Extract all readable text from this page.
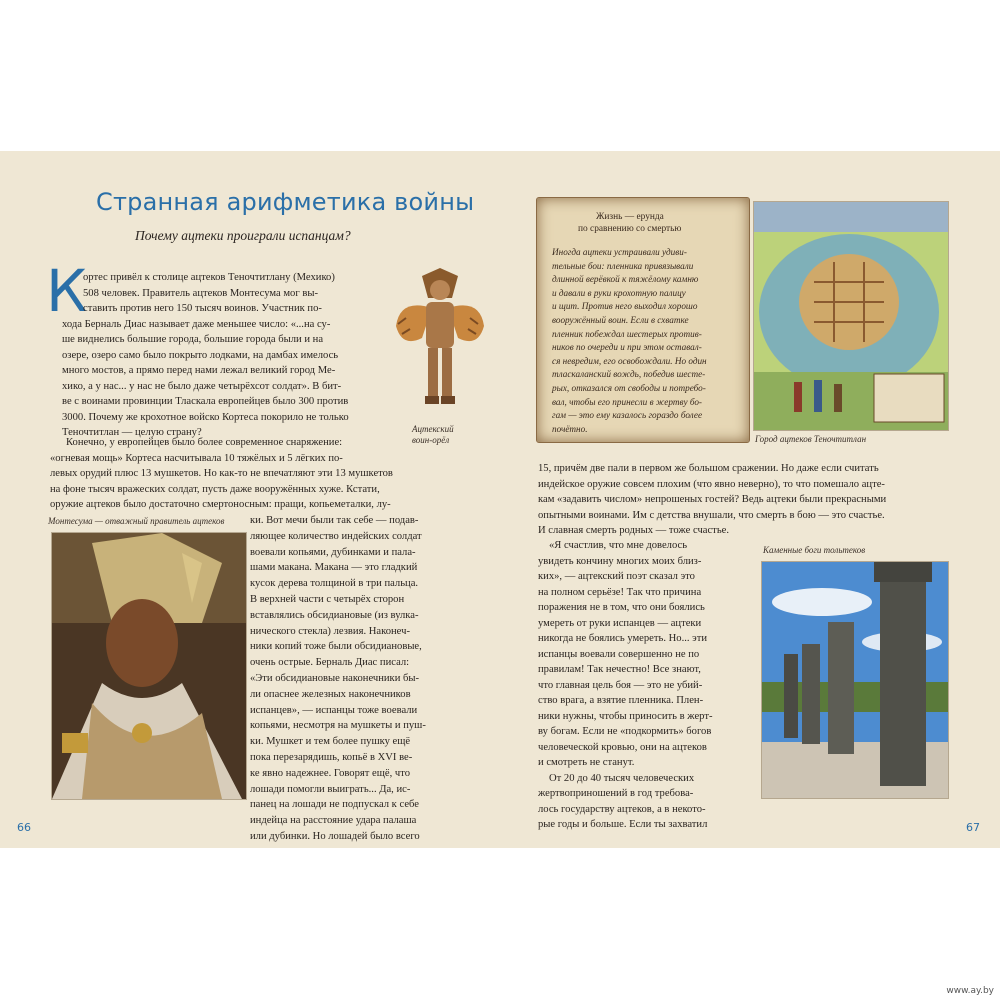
Странная арифметика войны
Почему ацтеки проиграли испанцам?
К
ортес привёл к столице ацтеков Теночтитлану (Мехико)
508 человек. Правитель ацтеков Монтесума мог вы-
ставить против него 150 тысяч воинов. Участник по-
хода Берналь Диас называет даже меньшее число: «...на су-
ше виднелись большие города, большие города были и на
озере, озеро само было покрыто лодками, на дамбах имелось
много мостов, а прямо перед нами лежал великий город Ме-
хико, а у нас... у нас не было даже четырёхсот солдат». В бит-
ве с воинами провинции Тласкала европейцев было 300 против
3000. Почему же крохотное войско Кортеса покорило не только
Теночтитлан — целую страну?
Конечно, у европейцев было более современное снаряжение:
«огневая мощь» Кортеса насчитывала 10 тяжёлых и 5 лёгких по-
левых орудий плюс 13 мушкетов. Но как-то не впечатляют эти 13 мушкетов
на фоне тысяч вражеских солдат, пусть даже вооружённых хуже. Кстати,
оружие ацтеков было достаточно смертоносным: пращи, копьеметалки, лу-
ки. Вот мечи были так себе — подав-
ляющее количество индейских солдат
воевали копьями, дубинками и пала-
шами макана. Макана — это гладкий
кусок дерева толщиной в три пальца.
В верхней части с четырёх сторон
вставлялись обсидиановые (из вулка-
нического стекла) лезвия. Наконеч-
ники копий тоже были обсидиановые,
очень острые. Берналь Диас писал:
«Эти обсидиановые наконечники бы-
ли опаснее железных наконечников
испанцев», — испанцы тоже воевали
копьями, несмотря на мушкеты и пуш-
ки. Мушкет и тем более пушку ещё
пока перезарядишь, копьё в XVI ве-
ке явно надежнее. Говорят ещё, что
лошади помогли выиграть... Да, ис-
панец на лошади не подпускал к себе
индейца на расстояние удара палаша
или дубинки. Но лошадей было всего
Ацтекский
воин-орёл
Монтесума — отважный правитель ацтеков
Жизнь — ерунда
по сравнению со смертью
Иногда ацтеки устраивали удиви-
тельные бои: пленника привязывали
длинной верёвкой к тяжёлому камню
и давали в руки крохотную палицу
и щит. Против него выходил хорошо
вооружённый воин. Если в схватке
пленник побеждал шестерых против-
ников по очереди и при этом оставал-
ся невредим, его освобождали. Но один
тласкаланский вождь, победив шестe-
рых, отказался от свободы и потребо-
вал, чтобы его принесли в жертву бо-
гам — это ему казалось гораздо более
почётно.
Город ацтеков Теночтитлан
15, причём две пали в первом же большом сражении. Но даже если считать
индейское оружие совсем плохим (что явно неверно), то что помешало ацте-
кам «задавить числом» непрошеных гостей? Ведь ацтеки были прекрасными
опытными воинами. Им с детства внушали, что смерть в бою — это счастье.
И славная смерть родных — тоже счастье.
«Я счастлив, что мне довелось
увидеть кончину многих моих близ-
ких», — ацтекский поэт сказал это
на полном серьёзе! Так что причина
поражения не в том, что они боялись
умереть от руки испанцев — ацтеки
никогда не боялись умереть. Но... эти
испанцы воевали совершенно не по
правилам! Так нечестно! Все знают,
что главная цель боя — это не убий-
ство врага, а взятие пленника. Плен-
ники нужны, чтобы приносить в жерт-
ву богам. Если не «подкормить» богов
человеческой кровью, они на ацтеков
и смотреть не станут.
От 20 до 40 тысяч человеческих
жертвоприношений в год требова-
лось государству ацтеков, а в некото-
рые годы и больше. Если ты захватил
Каменные боги тольтеков
66	67
www.ay.by
